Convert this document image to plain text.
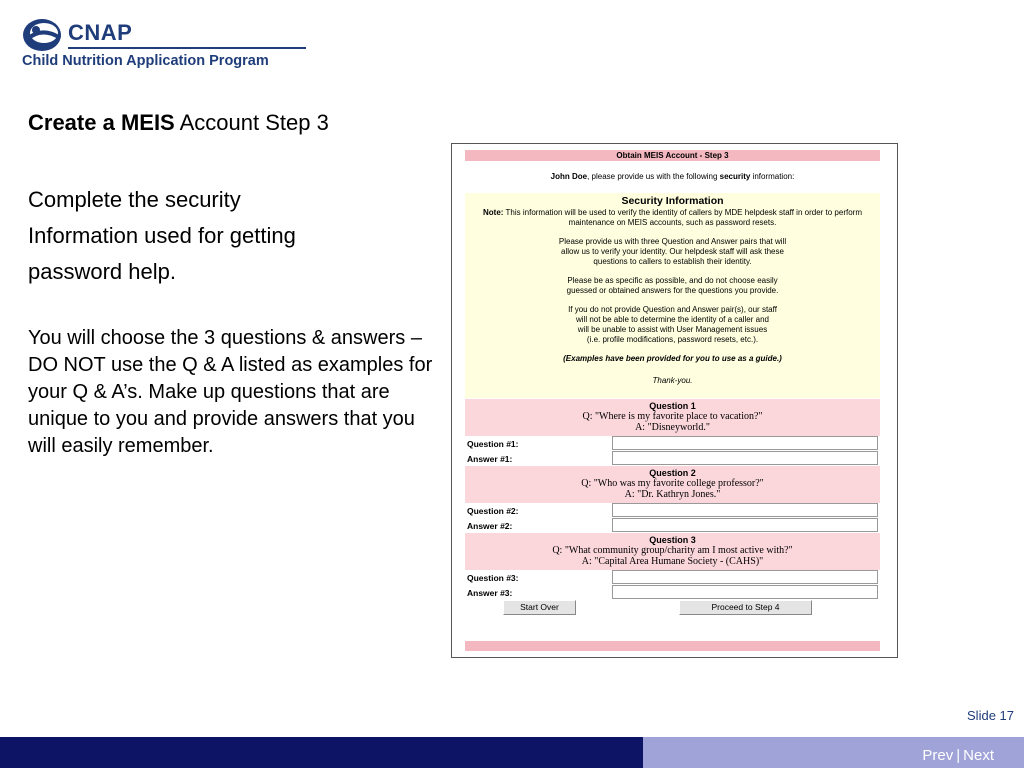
CNAP
Child Nutrition Application Program
Create a MEIS Account Step 3
Complete the security
Information used for getting
password help.
You will choose the 3 questions & answers – DO NOT use the Q & A listed as examples for your Q & A’s. Make up questions that are unique to you and provide answers that you will easily remember.
Obtain MEIS Account - Step 3
John Doe, please provide us with the following security information:
Security Information
Note: This information will be used to verify the identity of callers by MDE helpdesk staff in order to perform maintenance on MEIS accounts, such as password resets.
Please provide us with three Question and Answer pairs that will
allow us to verify your identity. Our helpdesk staff will ask these
questions to callers to establish their identity.
Please be as specific as possible, and do not choose easily
guessed or obtained answers for the questions you provide.
If you do not provide Question and Answer pair(s), our staff
will not be able to determine the identity of a caller and
will be unable to assist with User Management issues
(i.e. profile modifications, password resets, etc.).
(Examples have been provided for you to use as a guide.)
Thank-you.
Question 1
Q: "Where is my favorite place to vacation?"
A: "Disneyworld."
Question #1:
Answer #1:
Question 2
Q: "Who was my favorite college professor?"
A: "Dr. Kathryn Jones."
Question #2:
Answer #2:
Question 3
Q: "What community group/charity am I most active with?"
A: "Capital Area Humane Society - (CAHS)"
Question #3:
Answer #3:
Start Over	Proceed to Step 4
Slide 17
Prev | Next
